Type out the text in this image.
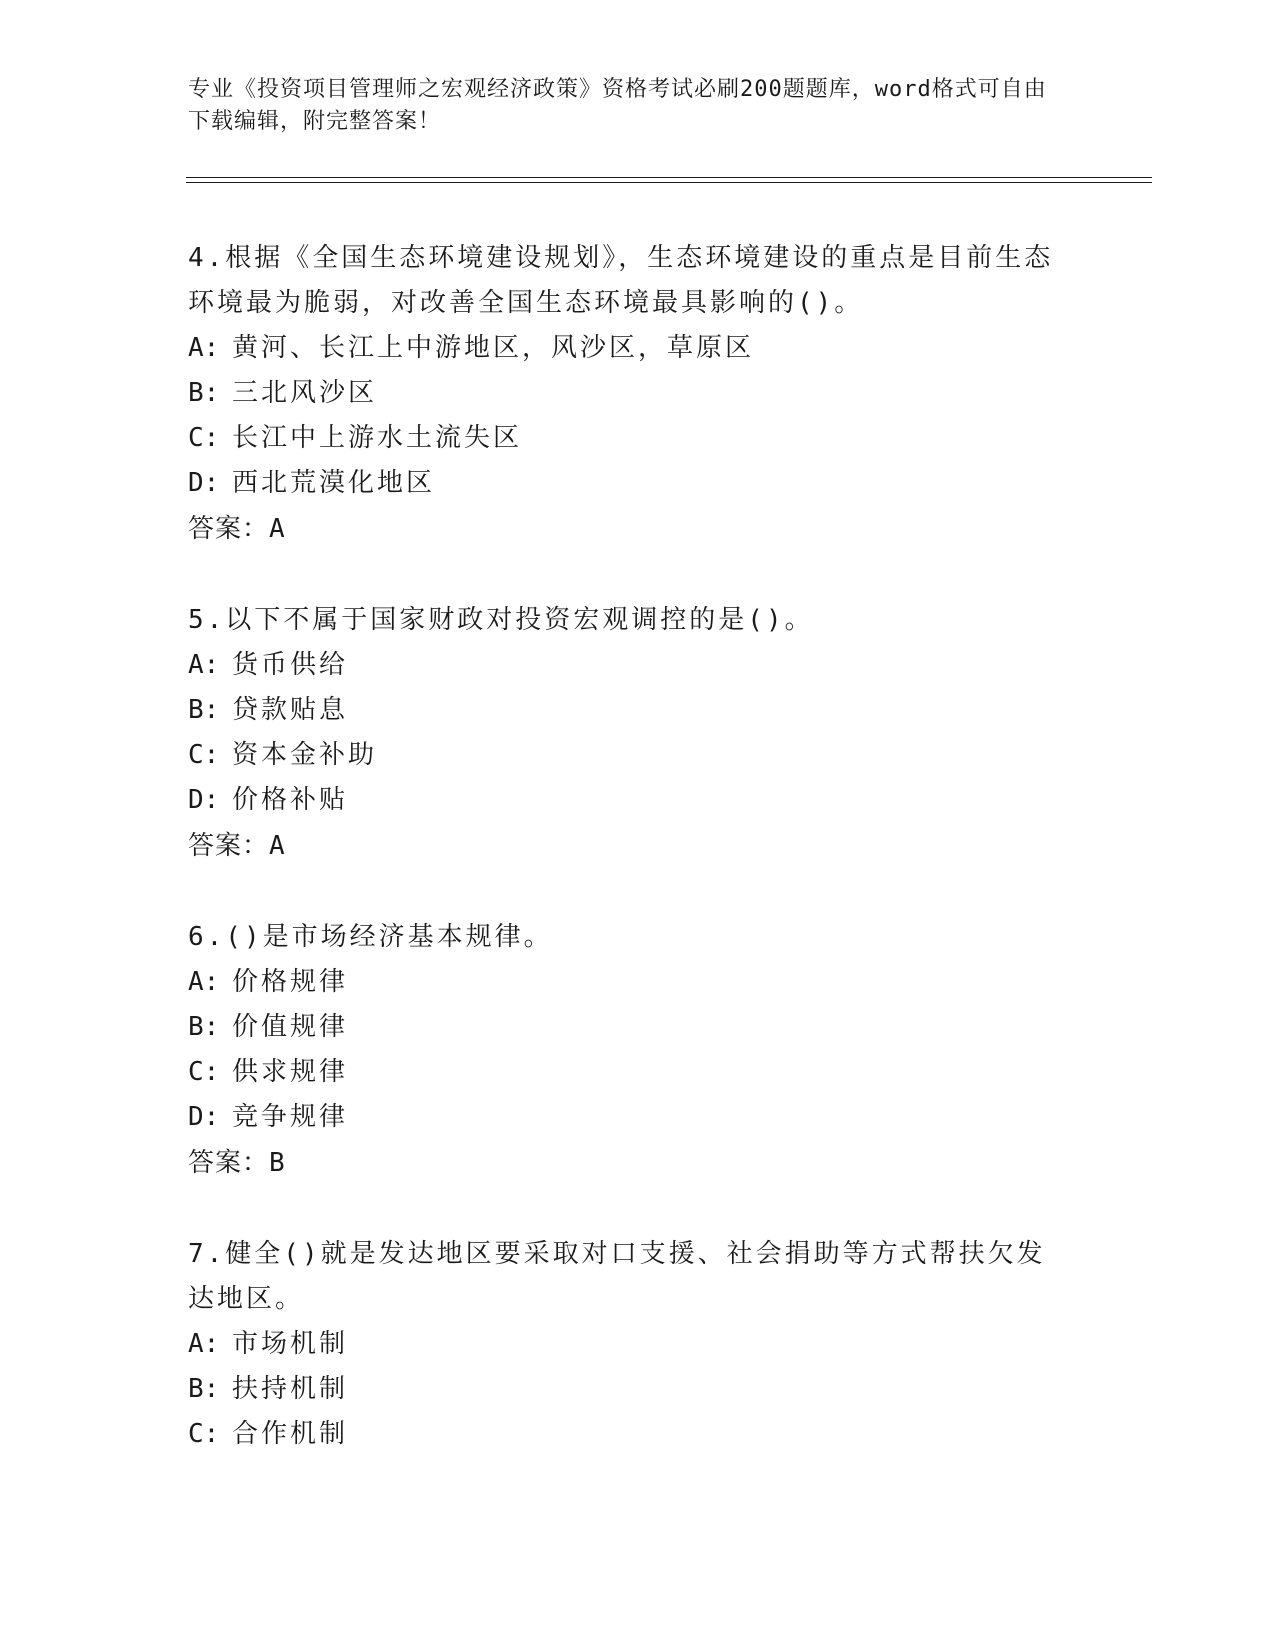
专业《投资项目管理师之宏观经济政策》资格考试必刷200题题库，word格式可自由下载编辑，附完整答案！
4.根据《全国生态环境建设规划》，生态环境建设的重点是目前生态环境最为脆弱，对改善全国生态环境最具影响的()。
A: 黄河、长江上中游地区，风沙区，草原区
B: 三北风沙区
C: 长江中上游水土流失区
D: 西北荒漠化地区
答案：A
5.以下不属于国家财政对投资宏观调控的是()。
A: 货币供给
B: 贷款贴息
C: 资本金补助
D: 价格补贴
答案：A
6.()是市场经济基本规律。
A: 价格规律
B: 价值规律
C: 供求规律
D: 竞争规律
答案：B
7.健全()就是发达地区要采取对口支援、社会捐助等方式帮扶欠发达地区。
A: 市场机制
B: 扶持机制
C: 合作机制
